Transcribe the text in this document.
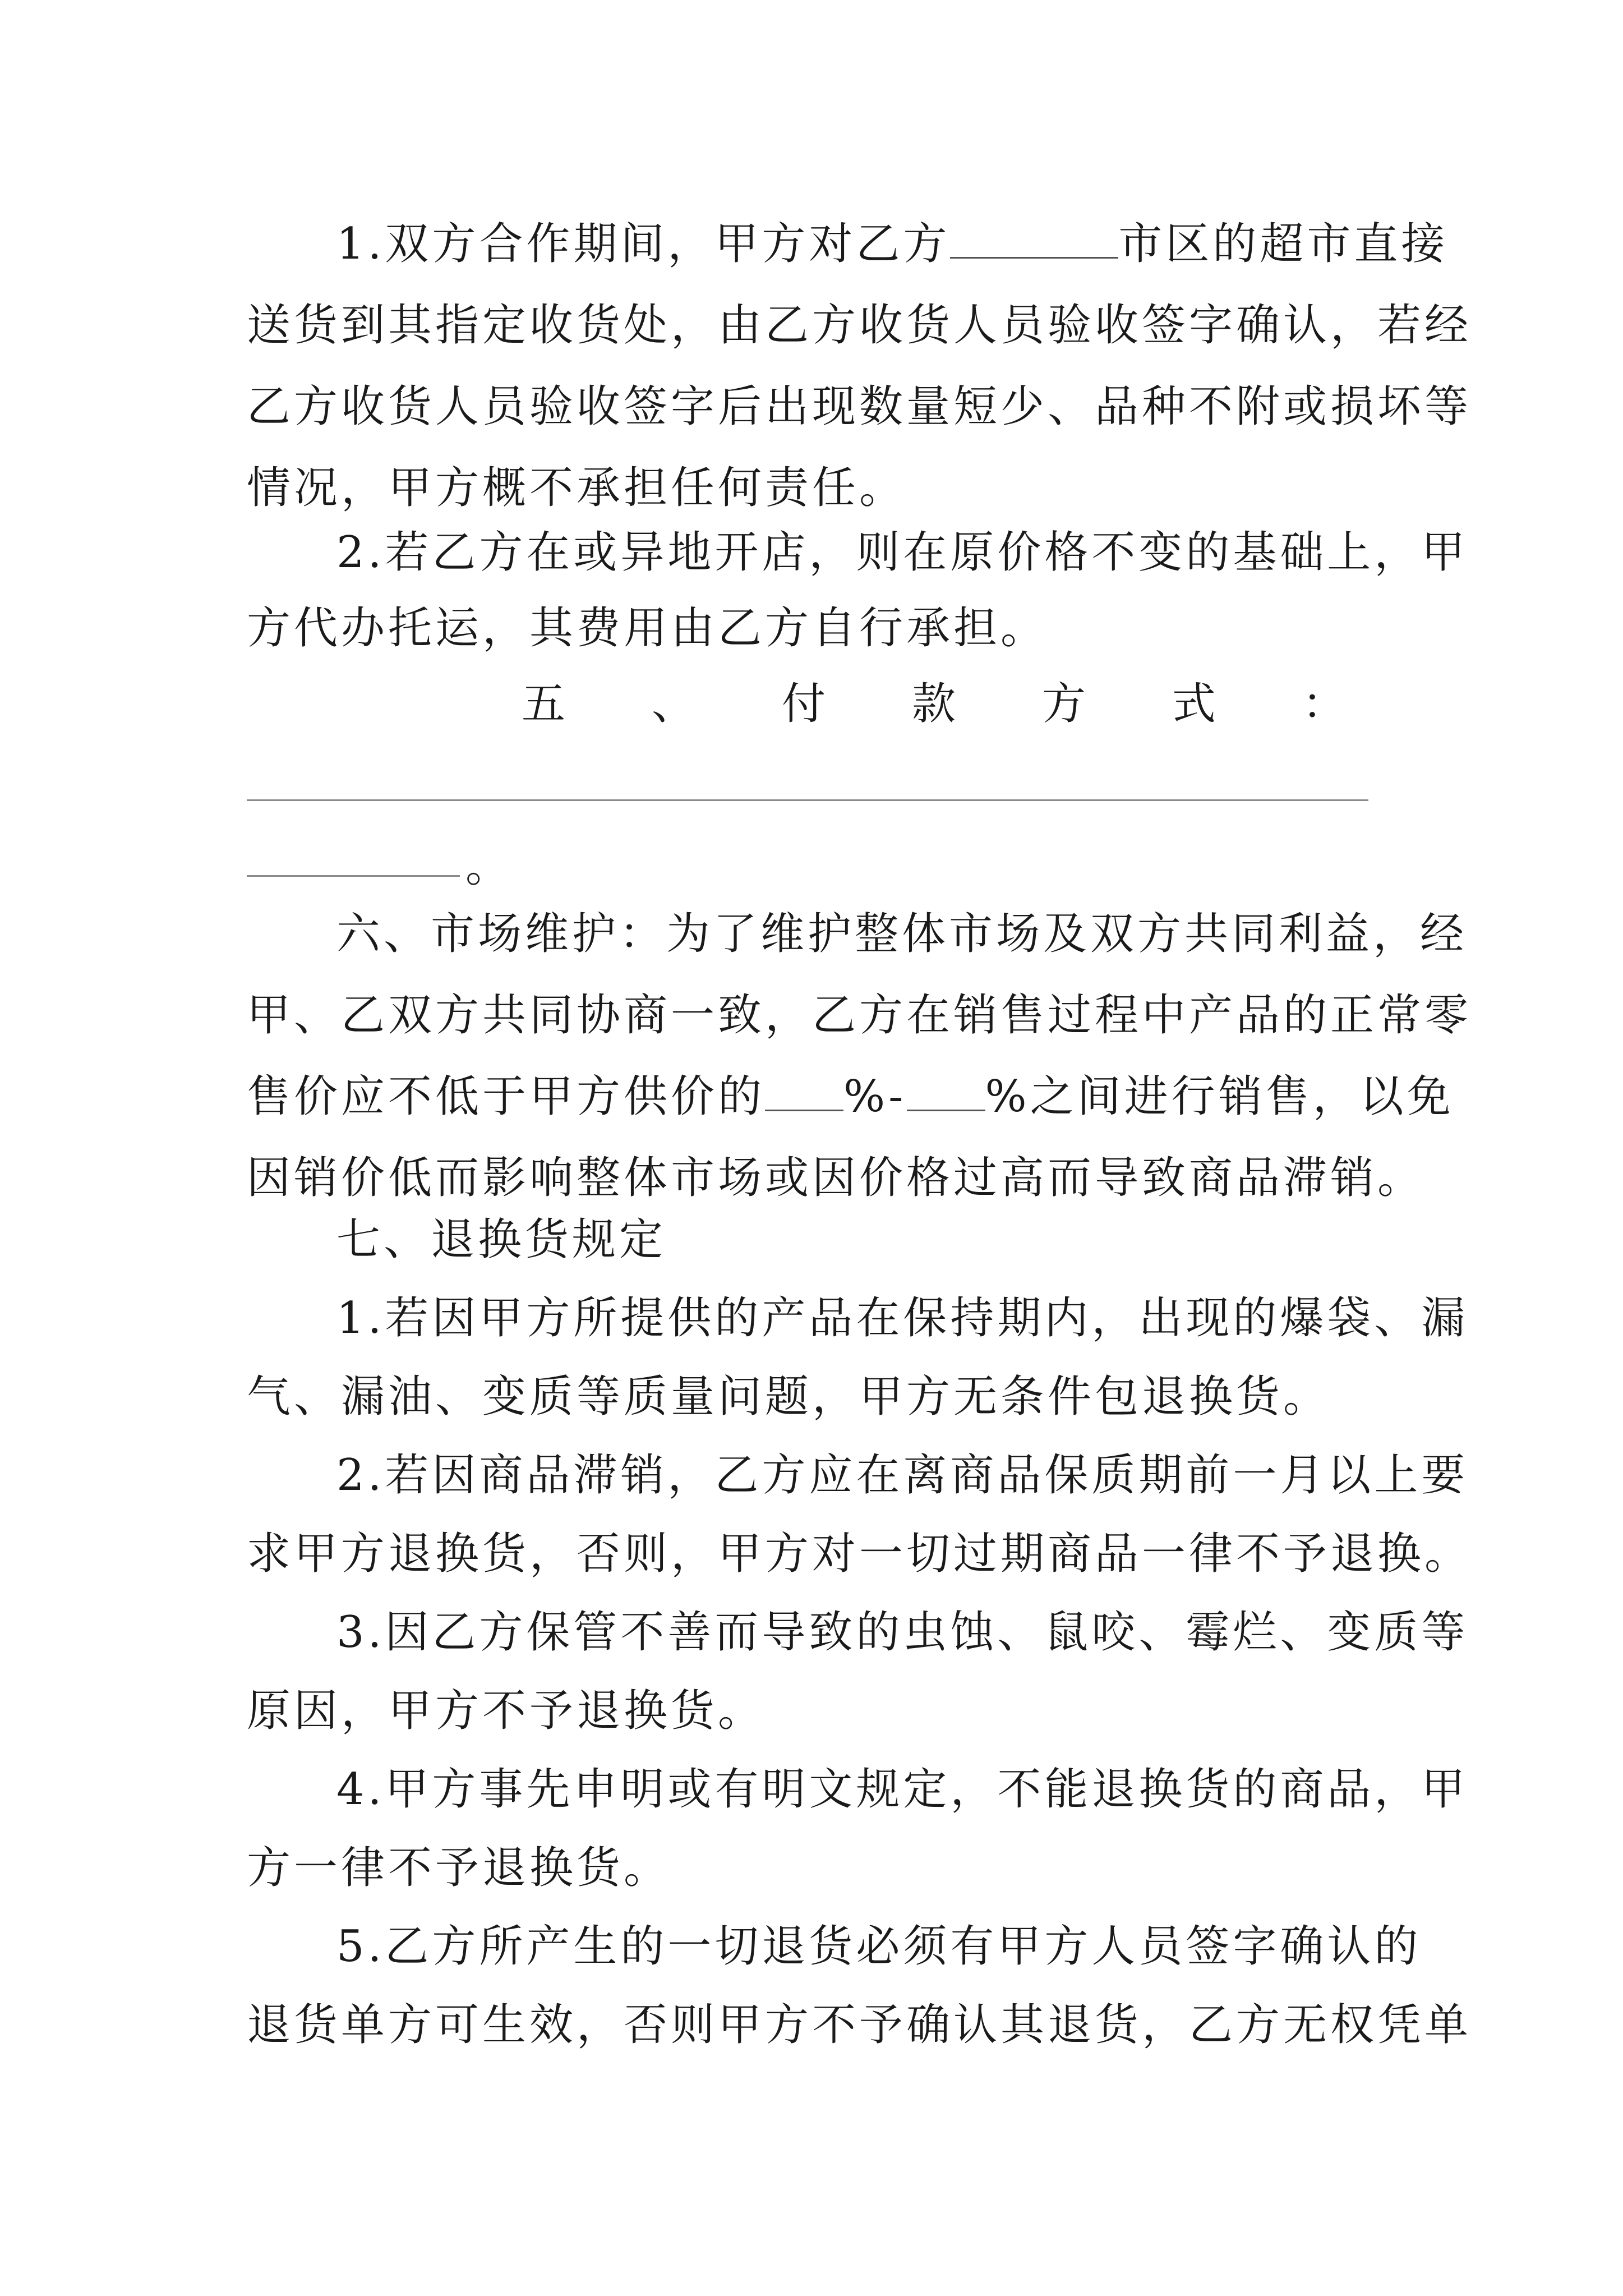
1.双方合作期间，甲方对乙方	市区的超市直接
送货到其指定收货处，由乙方收货人员验收签字确认，若经
乙方收货人员验收签字后出现数量短少、品种不附或损坏等
情况，甲方概不承担任何责任。
2.若乙方在或异地开店，则在原价格不变的基础上，甲
方代办托运，其费用由乙方自行承担。
五 、 付 款 方 式 ：
。
六、市场维护：为了维护整体市场及双方共同利益，经
甲、乙双方共同协商一致，乙方在销售过程中产品的正常零
售价应不低于甲方供价的 %- %之间进行销售，以免
因销价低而影响整体市场或因价格过高而导致商品滞销。
七、退换货规定
1.若因甲方所提供的产品在保持期内，出现的爆袋、漏
气、漏油、变质等质量问题，甲方无条件包退换货。
2.若因商品滞销，乙方应在离商品保质期前一月以上要
求甲方退换货，否则，甲方对一切过期商品一律不予退换。
3.因乙方保管不善而导致的虫蚀、鼠咬、霉烂、变质等
原因，甲方不予退换货。
4.甲方事先申明或有明文规定，不能退换货的商品，甲
方一律不予退换货。
5.乙方所产生的一切退货必须有甲方人员签字确认的
退货单方可生效，否则甲方不予确认其退货，乙方无权凭单
